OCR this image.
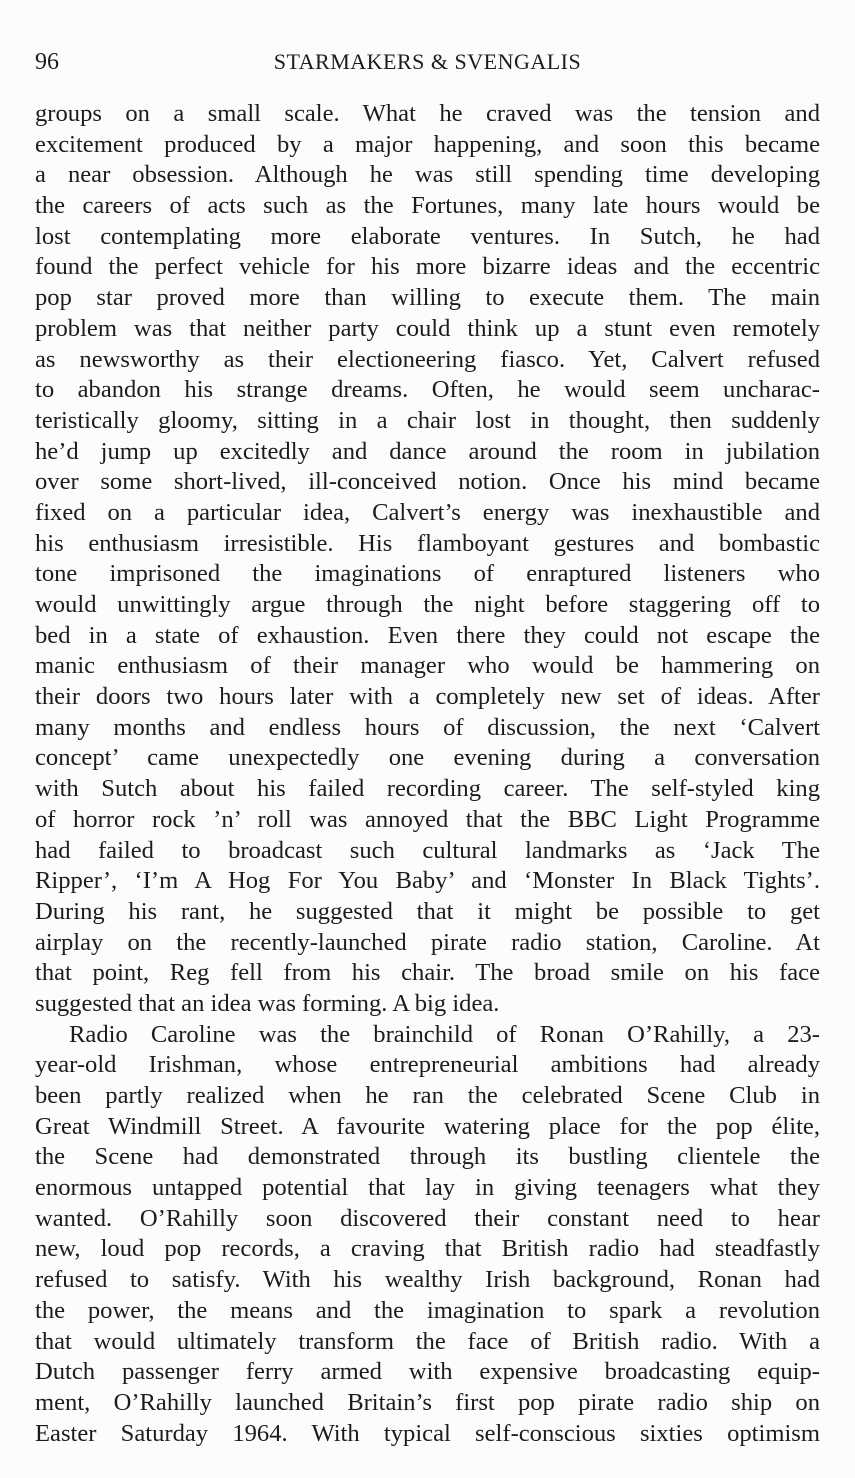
96	STARMAKERS & SVENGALIS
groups on a small scale. What he craved was the tension and
excitement produced by a major happening, and soon this became
a near obsession. Although he was still spending time developing
the careers of acts such as the Fortunes, many late hours would be
lost contemplating more elaborate ventures. In Sutch, he had
found the perfect vehicle for his more bizarre ideas and the eccentric
pop star proved more than willing to execute them. The main
problem was that neither party could think up a stunt even remotely
as newsworthy as their electioneering fiasco. Yet, Calvert refused
to abandon his strange dreams. Often, he would seem uncharac-
teristically gloomy, sitting in a chair lost in thought, then suddenly
he’d jump up excitedly and dance around the room in jubilation
over some short-lived, ill-conceived notion. Once his mind became
fixed on a particular idea, Calvert’s energy was inexhaustible and
his enthusiasm irresistible. His flamboyant gestures and bombastic
tone imprisoned the imaginations of enraptured listeners who
would unwittingly argue through the night before staggering off to
bed in a state of exhaustion. Even there they could not escape the
manic enthusiasm of their manager who would be hammering on
their doors two hours later with a completely new set of ideas. After
many months and endless hours of discussion, the next ‘Calvert
concept’ came unexpectedly one evening during a conversation
with Sutch about his failed recording career. The self-styled king
of horror rock ’n’ roll was annoyed that the BBC Light Programme
had failed to broadcast such cultural landmarks as ‘Jack The
Ripper’, ‘I’m A Hog For You Baby’ and ‘Monster In Black Tights’.
During his rant, he suggested that it might be possible to get
airplay on the recently-launched pirate radio station, Caroline. At
that point, Reg fell from his chair. The broad smile on his face
suggested that an idea was forming. A big idea.
Radio Caroline was the brainchild of Ronan O’Rahilly, a 23-
year-old Irishman, whose entrepreneurial ambitions had already
been partly realized when he ran the celebrated Scene Club in
Great Windmill Street. A favourite watering place for the pop élite,
the Scene had demonstrated through its bustling clientele the
enormous untapped potential that lay in giving teenagers what they
wanted. O’Rahilly soon discovered their constant need to hear
new, loud pop records, a craving that British radio had steadfastly
refused to satisfy. With his wealthy Irish background, Ronan had
the power, the means and the imagination to spark a revolution
that would ultimately transform the face of British radio. With a
Dutch passenger ferry armed with expensive broadcasting equip-
ment, O’Rahilly launched Britain’s first pop pirate radio ship on
Easter Saturday 1964. With typical self-conscious sixties optimism
